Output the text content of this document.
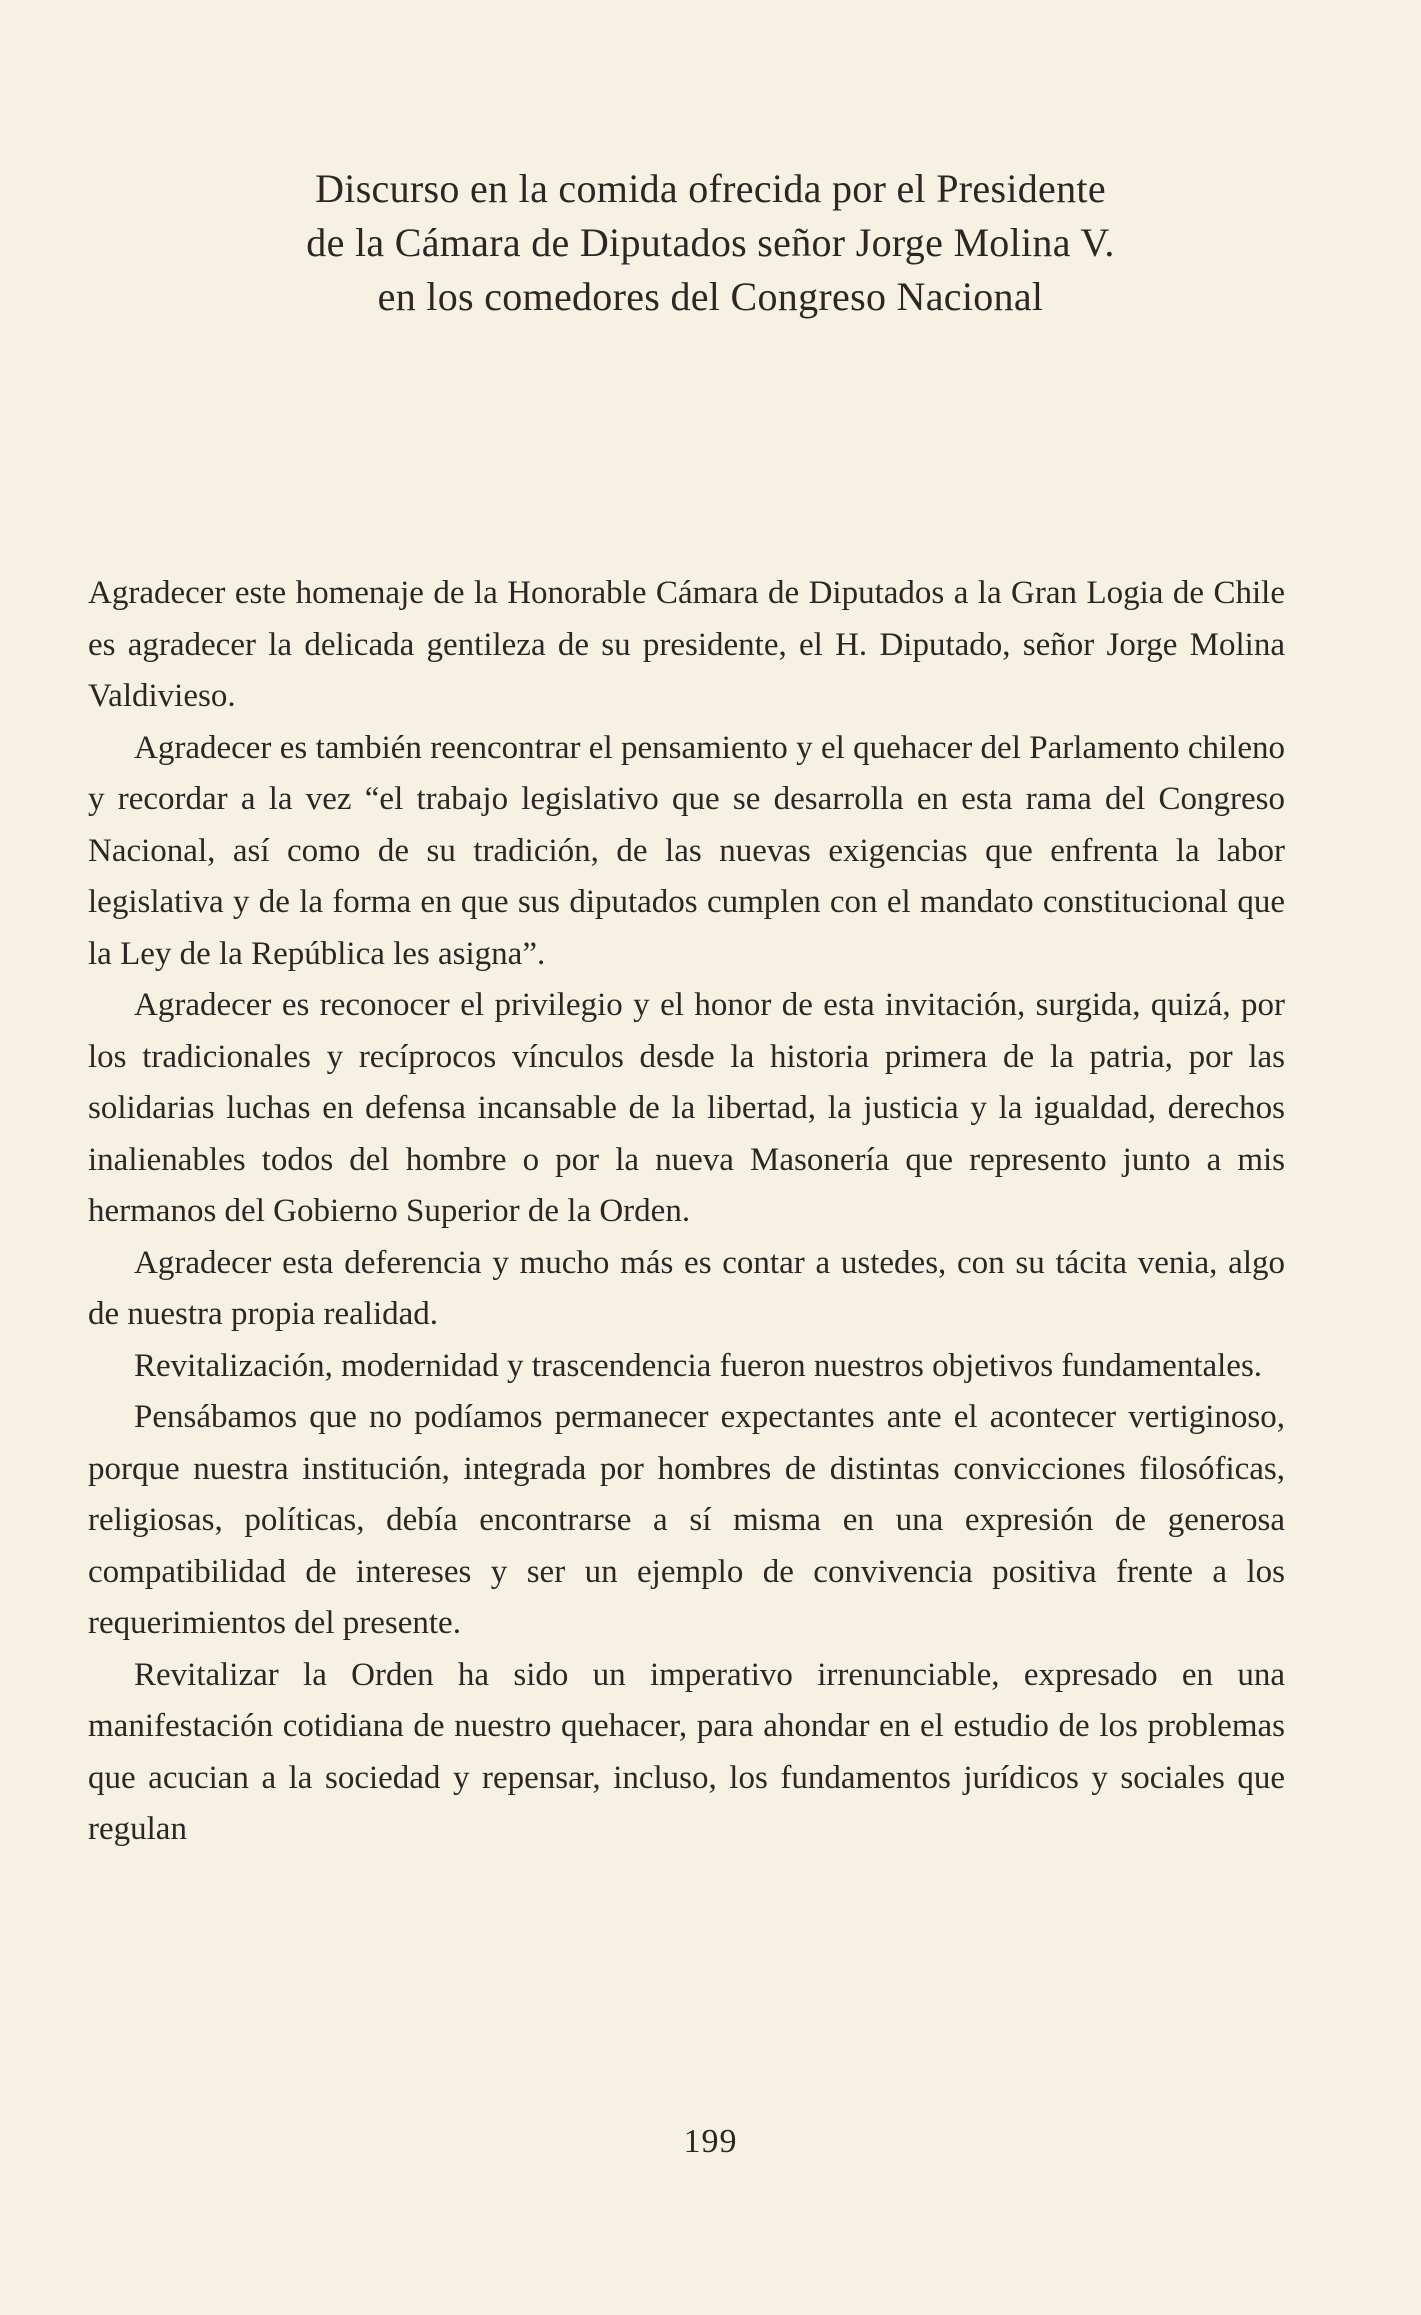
Discurso en la comida ofrecida por el Presidente
de la Cámara de Diputados señor Jorge Molina V.
en los comedores del Congreso Nacional

Agradecer este homenaje de la Honorable Cámara de Diputados a la Gran Logia de Chile es agradecer la delicada gentileza de su presidente, el H. Diputado, señor Jorge Molina Valdivieso.

Agradecer es también reencontrar el pensamiento y el quehacer del Parlamento chileno y recordar a la vez “el trabajo legislativo que se desarrolla en esta rama del Congreso Nacional, así como de su tradición, de las nuevas exigencias que enfrenta la labor legislativa y de la forma en que sus diputados cumplen con el mandato constitucional que la Ley de la República les asigna”.

Agradecer es reconocer el privilegio y el honor de esta invitación, surgida, quizá, por los tradicionales y recíprocos vínculos desde la historia primera de la patria, por las solidarias luchas en defensa incansable de la libertad, la justicia y la igualdad, derechos inalienables todos del hombre o por la nueva Masonería que represento junto a mis hermanos del Gobierno Superior de la Orden.

Agradecer esta deferencia y mucho más es contar a ustedes, con su tácita venia, algo de nuestra propia realidad.

Revitalización, modernidad y trascendencia fueron nuestros objetivos fundamentales.

Pensábamos que no podíamos permanecer expectantes ante el acontecer vertiginoso, porque nuestra institución, integrada por hombres de distintas convicciones filosóficas, religiosas, políticas, debía encontrarse a sí misma en una expresión de generosa compatibilidad de intereses y ser un ejemplo de convivencia positiva frente a los requerimientos del presente.

Revitalizar la Orden ha sido un imperativo irrenunciable, expresado en una manifestación cotidiana de nuestro quehacer, para ahondar en el estudio de los problemas que acucian a la sociedad y repensar, incluso, los fundamentos jurídicos y sociales que regulan

199
